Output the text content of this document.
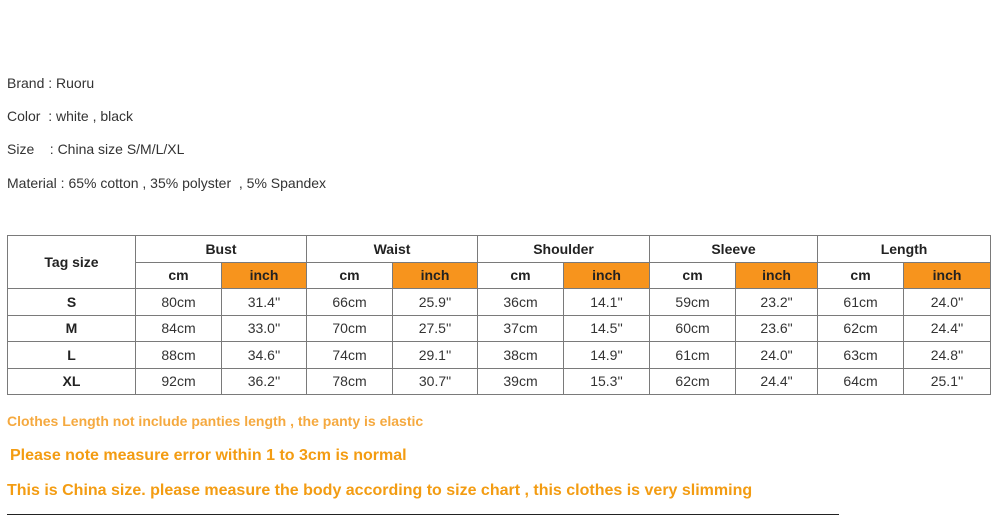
Brand : Ruoru
Color  : white , black
Size    : China size S/M/L/XL
Material : 65% cotton , 35% polyster  , 5% Spandex
Tag size	Bust		Waist		Shoulder		Sleeve		Length	
	cm	inch	cm	inch	cm	inch	cm	inch	cm	inch
S	80cm	31.4''	66cm	25.9''	36cm	14.1''	59cm	23.2"	61cm	24.0''
M	84cm	33.0''	70cm	27.5''	37cm	14.5''	60cm	23.6"	62cm	24.4''
L	88cm	34.6''	74cm	29.1''	38cm	14.9''	61cm	24.0"	63cm	24.8''
XL	92cm	36.2''	78cm	30.7"	39cm	15.3''	62cm	24.4"	64cm	25.1''
Clothes Length not include panties length , the panty is elastic
Please note measure error within 1 to 3cm is normal
This is China size. please measure the body according to size chart , this clothes is very slimming
